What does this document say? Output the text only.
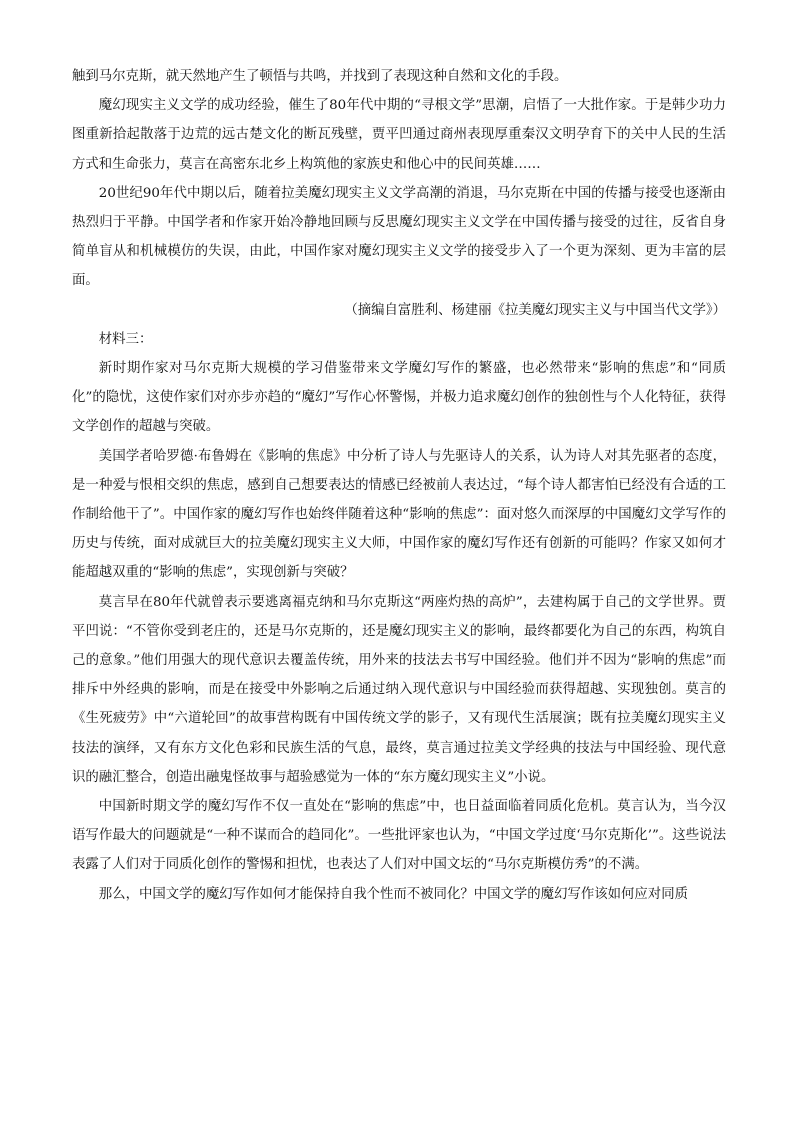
触到马尔克斯，就天然地产生了顿悟与共鸣，并找到了表现这种自然和文化的手段。

魔幻现实主义文学的成功经验，催生了80年代中期的“寻根文学”思潮，启悟了一大批作家。于是韩少功力图重新拾起散落于边荒的远古楚文化的断瓦残壁，贾平凹通过商州表现厚重秦汉文明孕育下的关中人民的生活方式和生命张力，莫言在高密东北乡上构筑他的家族史和他心中的民间英雄……

20世纪90年代中期以后，随着拉美魔幻现实主义文学高潮的消退，马尔克斯在中国的传播与接受也逐渐由热烈归于平静。中国学者和作家开始冷静地回顾与反思魔幻现实主义文学在中国传播与接受的过往，反省自身简单盲从和机械模仿的失误，由此，中国作家对魔幻现实主义文学的接受步入了一个更为深刻、更为丰富的层面。

（摘编自富胜利、杨建丽《拉美魔幻现实主义与中国当代文学》）

材料三：

新时期作家对马尔克斯大规模的学习借鉴带来文学魔幻写作的繁盛，也必然带来“影响的焦虑”和“同质化”的隐忧，这使作家们对亦步亦趋的“魔幻”写作心怀警惕，并极力追求魔幻创作的独创性与个人化特征，获得文学创作的超越与突破。

美国学者哈罗德·布鲁姆在《影响的焦虑》中分析了诗人与先驱诗人的关系，认为诗人对其先驱者的态度，是一种爱与恨相交织的焦虑，感到自己想要表达的情感已经被前人表达过，“每个诗人都害怕已经没有合适的工作制给他干了”。中国作家的魔幻写作也始终伴随着这种“影响的焦虑”：面对悠久而深厚的中国魔幻文学写作的历史与传统，面对成就巨大的拉美魔幻现实主义大师，中国作家的魔幻写作还有创新的可能吗？作家又如何才能超越双重的“影响的焦虑”，实现创新与突破？

莫言早在80年代就曾表示要逃离福克纳和马尔克斯这“两座灼热的高炉”，去建构属于自己的文学世界。贾平凹说：“不管你受到老庄的，还是马尔克斯的，还是魔幻现实主义的影响，最终都要化为自己的东西，构筑自己的意象。”他们用强大的现代意识去覆盖传统，用外来的技法去书写中国经验。他们并不因为“影响的焦虑”而排斥中外经典的影响，而是在接受中外影响之后通过纳入现代意识与中国经验而获得超越、实现独创。莫言的《生死疲劳》中“六道轮回”的故事营构既有中国传统文学的影子，又有现代生活展演；既有拉美魔幻现实主义技法的演绎，又有东方文化色彩和民族生活的气息，最终，莫言通过拉美文学经典的技法与中国经验、现代意识的融汇整合，创造出融鬼怪故事与超验感觉为一体的“东方魔幻现实主义”小说。

中国新时期文学的魔幻写作不仅一直处在“影响的焦虑”中，也日益面临着同质化危机。莫言认为，当今汉语写作最大的问题就是“一种不谋而合的趋同化”。一些批评家也认为，“中国文学过度‘马尔克斯化’”。这些说法表露了人们对于同质化创作的警惕和担忧，也表达了人们对中国文坛的“马尔克斯模仿秀”的不满。

那么，中国文学的魔幻写作如何才能保持自我个性而不被同化？中国文学的魔幻写作该如何应对同质
